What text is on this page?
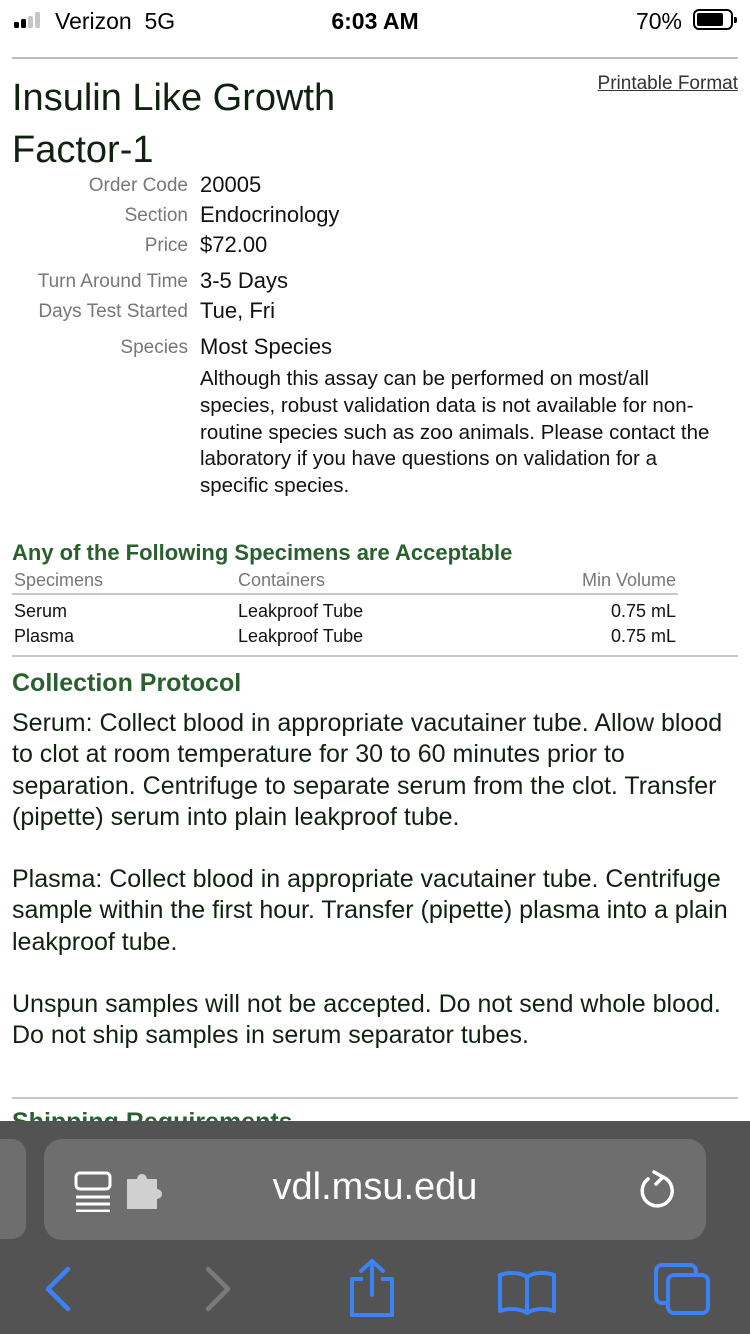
Verizon 5G	6:03 AM	70%
Printable Format
Insulin Like Growth Factor-1
Order Code 20005
Section Endocrinology
Price $72.00
Turn Around Time 3-5 Days
Days Test Started Tue, Fri
Species Most Species

Although this assay can be performed on most/all species, robust validation data is not available for non-routine species such as zoo animals. Please contact the laboratory if you have questions on validation for a specific species.

Any of the Following Specimens are Acceptable
Specimens	Containers	Min Volume
Serum	Leakproof Tube	0.75 mL
Plasma	Leakproof Tube	0.75 mL
Collection Protocol

Serum: Collect blood in appropriate vacutainer tube. Allow blood to clot at room temperature for 30 to 60 minutes prior to separation. Centrifuge to separate serum from the clot. Transfer (pipette) serum into plain leakproof tube.

Plasma: Collect blood in appropriate vacutainer tube. Centrifuge sample within the first hour. Transfer (pipette) plasma into a plain leakproof tube.

Unspun samples will not be accepted. Do not send whole blood. Do not ship samples in serum separator tubes.

vdl.msu.edu
